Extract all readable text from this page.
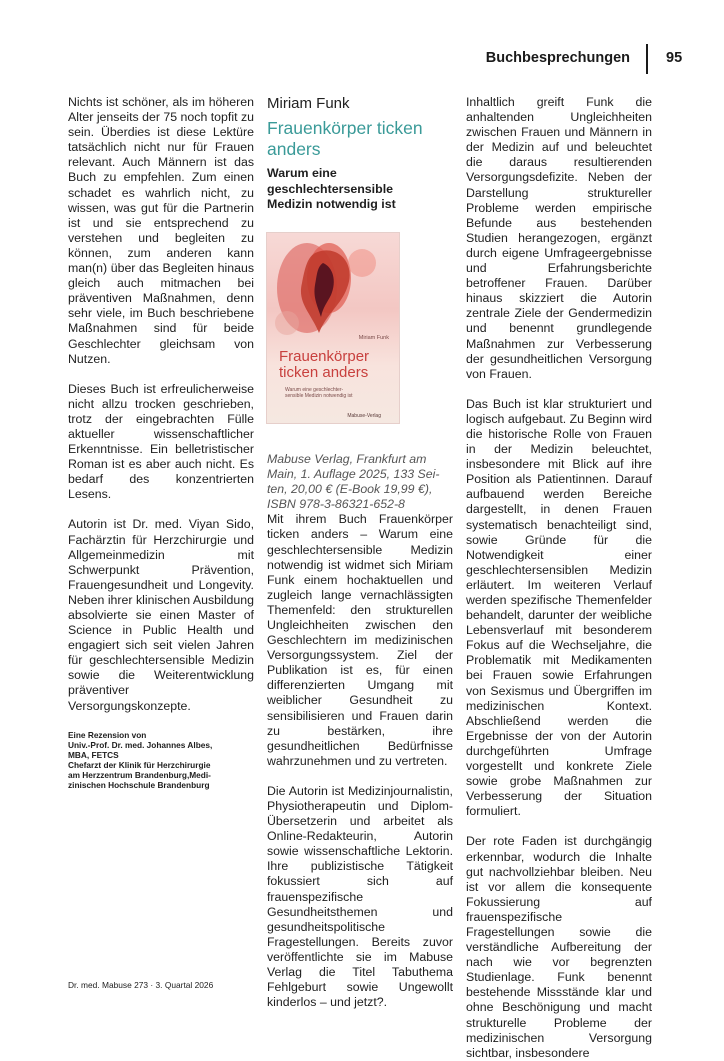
Buchbesprechungen 95

Nichts ist schöner, als im höheren Alter jenseits der 75 noch topfit zu sein. Überdies ist diese Lektüre tatsächlich nicht nur für Frauen relevant. Auch Männern ist das Buch zu empfehlen. Zum einen schadet es wahrlich nicht, zu wissen, was gut für die Partnerin ist und sie entsprechend zu verstehen und begleiten zu können, zum anderen kann man(n) über das Begleiten hinaus gleich auch mitmachen bei präventiven Maßnahmen, denn sehr viele, im Buch beschriebene Maßnahmen sind für beide Geschlechter gleichsam von Nutzen.

Dieses Buch ist erfreulicherweise nicht allzu trocken geschrieben, trotz der eingebrachten Fülle aktueller wissenschaftlicher Erkenntnisse. Ein belletristischer Roman ist es aber auch nicht. Es bedarf des konzentrierten Lesens.

Autorin ist Dr. med. Viyan Sido, Fachärztin für Herzchirurgie und Allgemeinmedizin mit Schwerpunkt Prävention, Frauengesundheit und Longevity. Neben ihrer klinischen Ausbildung absolvierte sie einen Master of Science in Public Health und engagiert sich seit vielen Jahren für geschlechtersensible Medizin sowie die Weiterentwicklung präventiver Versorgungskonzepte.

Eine Rezension von
Univ.-Prof. Dr. med. Johannes Albes,
MBA, FETCS
Chefarzt der Klinik für Herzchirurgie
am Herzzentrum Brandenburg,Medi-
zinischen Hochschule Brandenburg
Miriam Funk
Frauenkörper ticken
anders
Warum eine geschlechtersensible
Medizin notwendig ist
Miriam Funk
Frauenkörper
ticken anders
Warum eine geschlechter-
sensible Medizin notwendig ist
Mabuse-Verlag
Mabuse Verlag, Frankfurt am
Main, 1. Auflage 2025, 133 Sei-
ten, 20,00 € (E-Book 19,99 €),
ISBN 978-3-86321-652-8

Mit ihrem Buch Frauenkörper ticken anders – Warum eine geschlechtersensible Medizin notwendig ist widmet sich Miriam Funk einem hochaktuellen und zugleich lange vernachlässigten Themenfeld: den strukturellen Ungleichheiten zwischen den Geschlechtern im medizinischen Versorgungssystem. Ziel der Publikation ist es, für einen differenzierten Umgang mit weiblicher Gesundheit zu sensibilisieren und Frauen darin zu bestärken, ihre gesundheitlichen Bedürfnisse wahrzunehmen und zu vertreten.

Die Autorin ist Medizinjournalistin, Physiotherapeutin und Diplom-Übersetzerin und arbeitet als Online-Redakteurin, Autorin sowie wissenschaftliche Lektorin. Ihre publizistische Tätigkeit fokussiert sich auf frauenspezifische Gesundheitsthemen und gesundheitspolitische Fragestellungen. Bereits zuvor veröffentlichte sie im Mabuse Verlag die Titel Tabuthema Fehlgeburt sowie Ungewollt kinderlos – und jetzt?.

Inhaltlich greift Funk die anhaltenden Ungleichheiten zwischen Frauen und Männern in der Medizin auf und beleuchtet die daraus resultierenden Versorgungsdefizite. Neben der Darstellung struktureller Probleme werden empirische Befunde aus bestehenden Studien herangezogen, ergänzt durch eigene Umfrageergebnisse und Erfahrungsberichte betroffener Frauen. Darüber hinaus skizziert die Autorin zentrale Ziele der Gendermedizin und benennt grundlegende Maßnahmen zur Verbesserung der gesundheitlichen Versorgung von Frauen.

Das Buch ist klar strukturiert und logisch aufgebaut. Zu Beginn wird die historische Rolle von Frauen in der Medizin beleuchtet, insbesondere mit Blick auf ihre Position als Patientinnen. Darauf aufbauend werden Bereiche dargestellt, in denen Frauen systematisch benachteiligt sind, sowie Gründe für die Notwendigkeit einer geschlechtersensiblen Medizin erläutert. Im weiteren Verlauf werden spezifische Themenfelder behandelt, darunter der weibliche Lebensverlauf mit besonderem Fokus auf die Wechseljahre, die Problematik mit Medikamenten bei Frauen sowie Erfahrungen von Sexismus und Übergriffen im medizinischen Kontext. Abschließend werden die Ergebnisse der von der Autorin durchgeführten Umfrage vorgestellt und konkrete Ziele sowie grobe Maßnahmen zur Verbesserung der Situation formuliert.

Der rote Faden ist durchgängig erkennbar, wodurch die Inhalte gut nachvollziehbar bleiben. Neu ist vor allem die konsequente Fokussierung auf frauenspezifische Fragestellungen sowie die verständliche Aufbereitung der nach wie vor begrenzten Studienlage. Funk benennt bestehende Missstände klar und ohne Beschönigung und macht strukturelle Probleme der medizinischen Versorgung sichtbar, insbesondere

Dr. med. Mabuse 273 · 3. Quartal 2026
